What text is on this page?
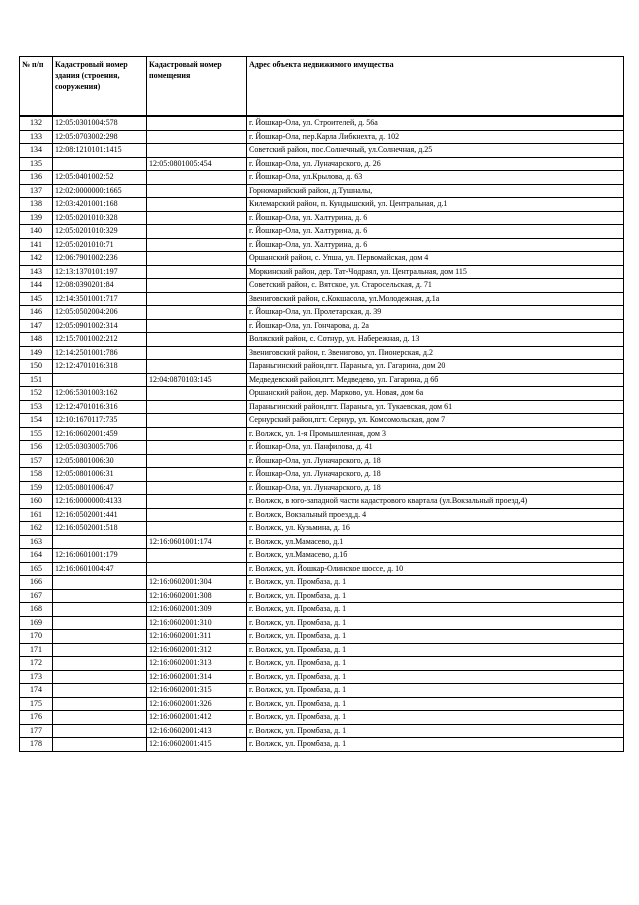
№ п/п	Кадастровый номер здания (строения, сооружения)	Кадастровый номер помещения	Адрес объекта недвижимого имущества

132	12:05:0301004:578		г. Йошкар-Ола, ул. Строителей, д. 56а
133	12:05:0703002:298		г. Йошкар-Ола, пер.Карла Либкнехта, д. 102
134	12:08:1210101:1415		Советский район, пос.Солнечный, ул.Солнечная, д.25
135		12:05:0801005:454	г. Йошкар-Ола, ул. Луначарского, д. 26
136	12:05:0401002:52		г. Йошкар-Ола, ул.Крылова, д. 63
137	12:02:0000000:1665		Горномарийский район, д.Тушналы,
138	12:03:4201001:168		Килемарский район, п. Кундышский, ул. Центральная, д.1
139	12:05:0201010:328		г. Йошкар-Ола, ул. Халтурина, д. 6
140	12:05:0201010:329		г. Йошкар-Ола, ул. Халтурина, д. 6
141	12:05:0201010:71		г. Йошкар-Ола, ул. Халтурина, д. 6
142	12:06:7901002:236		Оршанский район, с. Упша, ул. Первомайская, дом 4
143	12:13:1370101:197		Моркинский район, дер. Тат-Чодраял, ул. Центральная, дом 115
144	12:08:0390201:84		Советский район, с. Вятское, ул. Старосельская, д. 71
145	12:14:3501001:717		Звениговский район, с.Кокшасола, ул.Молодежная, д.1а
146	12:05:0502004:206		г. Йошкар-Ола, ул. Пролетарская, д. 39
147	12:05:0901002:314		г. Йошкар-Ола, ул. Гончарова, д. 2а
148	12:15:7001002:212		Волжский район, с. Сотнур, ул. Набережная, д. 13
149	12:14:2501001:786		Звениговский район, г. Звенигово, ул. Пионерская, д.2
150	12:12:4701016:318		Параньгинский район,пгт. Параньга, ул. Гагарина, дом 20
151		12:04:0870103:145	Медведевский район,пгт. Медведево, ул. Гагарина, д 6б
152	12:06:5301003:162		Оршанский район, дер. Марково, ул. Новая, дом 6а
153	12:12:4701016:316		Параньгинский район,пгт. Параньга, ул. Тукаевская, дом 61
154	12:10:1670117:735		Сернурский район,пгт. Сернур, ул. Комсомольская, дом 7
155	12:16:0602001:459		г. Волжск, ул. 1-я Промышленная, дом 3
156	12:05:0303005:706		г. Йошкар-Ола, ул. Панфилова, д. 41
157	12:05:0801006:30		г. Йошкар-Ола, ул. Луначарского, д. 18
158	12:05:0801006:31		г. Йошкар-Ола, ул. Луначарского, д. 18
159	12:05:0801006:47		г. Йошкар-Ола, ул. Луначарского, д. 18
160	12:16:0000000:4133		г. Волжск, в юго-западной части кадастрового квартала (ул.Вокзальный проезд,4)
161	12:16:0502001:441		г. Волжск, Вокзальный проезд,д. 4
162	12:16:0502001:518		г. Волжск, ул. Кузьмина, д. 16
163		12:16:0601001:174	г. Волжск, ул.Мамасево, д.1
164	12:16:0601001:179		г. Волжск, ул.Мамасево, д.1б
165	12:16:0601004:47		г. Волжск, ул. Йошкар-Олинское шоссе, д. 10
166		12:16:0602001:304	г. Волжск, ул. Промбаза, д. 1
167		12:16:0602001:308	г. Волжск, ул. Промбаза, д. 1
168		12:16:0602001:309	г. Волжск, ул. Промбаза, д. 1
169		12:16:0602001:310	г. Волжск, ул. Промбаза, д. 1
170		12:16:0602001:311	г. Волжск, ул. Промбаза, д. 1
171		12:16:0602001:312	г. Волжск, ул. Промбаза, д. 1
172		12:16:0602001:313	г. Волжск, ул. Промбаза, д. 1
173		12:16:0602001:314	г. Волжск, ул. Промбаза, д. 1
174		12:16:0602001:315	г. Волжск, ул. Промбаза, д. 1
175		12:16:0602001:326	г. Волжск, ул. Промбаза, д. 1
176		12:16:0602001:412	г. Волжск, ул. Промбаза, д. 1
177		12:16:0602001:413	г. Волжск, ул. Промбаза, д. 1
178		12:16:0602001:415	г. Волжск, ул. Промбаза, д. 1
